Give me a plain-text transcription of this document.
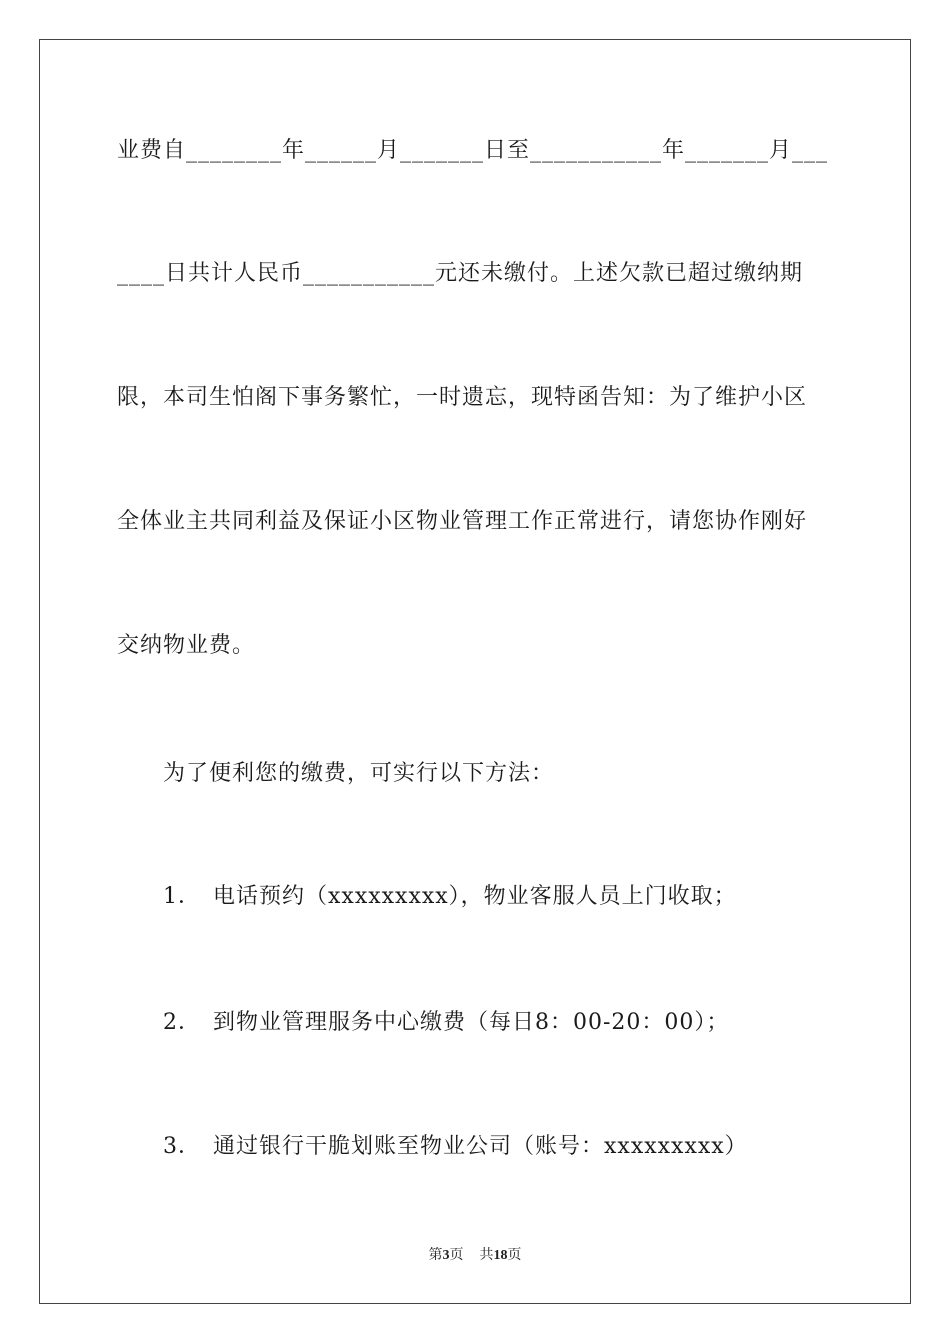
业费自________年______月_______日至___________年_______月___
____日共计人民币___________元还未缴付。上述欠款已超过缴纳期
限，本司生怕阁下事务繁忙，一时遗忘，现特函告知：为了维护小区
全体业主共同利益及保证小区物业管理工作正常进行，请您协作刚好
交纳物业费。
为了便利您的缴费，可实行以下方法：
1． 电话预约（xxxxxxxxx），物业客服人员上门收取；
2． 到物业管理服务中心缴费（每日8：00-20：00）；
3． 通过银行干脆划账至物业公司（账号：xxxxxxxxx）
第3页 共18页
